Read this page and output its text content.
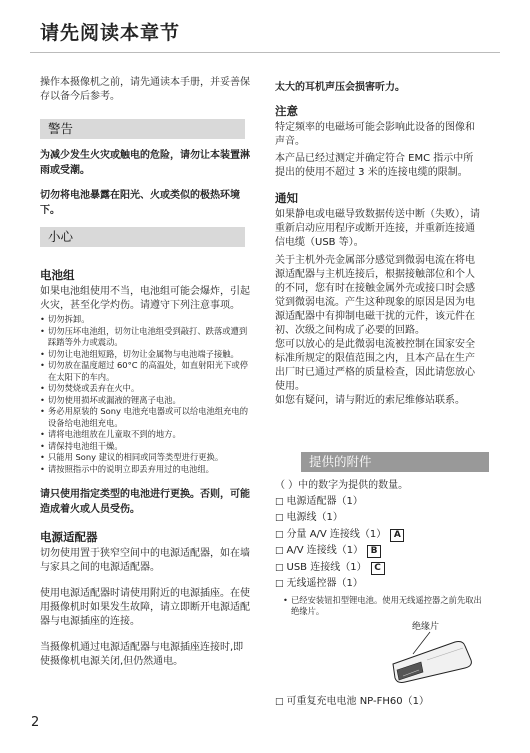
请先阅读本章节

操作本摄像机之前，请先通读本手册，并妥善保存以备今后参考。

警告

为减少发生火灾或触电的危险，请勿让本装置淋雨或受潮。

切勿将电池暴露在阳光、火或类似的极热环境下。

小心

电池组

如果电池组使用不当，电池组可能会爆炸，引起火灾，甚至化学灼伤。请遵守下列注意事项。

• 切勿拆卸。
• 切勿压坏电池组，切勿让电池组受到敲打、跌落或遭到踩踏等外力或震动。
• 切勿让电池组短路，切勿让金属物与电池端子接触。
• 切勿放在温度超过 60°C 的高温处，如直射阳光下或停在太阳下的车内。
• 切勿焚烧或丢弃在火中。
• 切勿使用损坏或漏液的锂离子电池。
• 务必用原装的 Sony 电池充电器或可以给电池组充电的设备给电池组充电。
• 请将电池组放在儿童取不到的地方。
• 请保持电池组干燥。
• 只能用 Sony 建议的相同或同等类型进行更换。
• 请按照指示中的说明立即丢弃用过的电池组。

请只使用指定类型的电池进行更换。否则，可能造成着火或人员受伤。

电源适配器

切勿使用置于狭窄空间中的电源适配器，如在墙与家具之间的电源适配器。

使用电源适配器时请使用附近的电源插座。在使用摄像机时如果发生故障，请立即断开电源适配器与电源插座的连接。

当摄像机通过电源适配器与电源插座连接时,即使摄像机电源关闭,但仍然通电。

太大的耳机声压会损害听力。

注意

特定频率的电磁场可能会影响此设备的图像和声音。

本产品已经过测定并确定符合 EMC 指示中所提出的使用不超过 3 米的连接电缆的限制。

通知

如果静电或电磁导致数据传送中断（失败），请重新启动应用程序或断开连接，并重新连接通信电缆（USB 等）。

关于主机外壳金属部分感觉到微弱电流在将电源适配器与主机连接后，根据接触部位和个人的不同，您有时在接触金属外壳或接口时会感觉到微弱电流。产生这种现象的原因是因为电源适配器中有抑制电磁干扰的元件，该元件在初、次级之间构成了必要的回路。

您可以放心的是此微弱电流被控制在国家安全标准所规定的限值范围之内，且本产品在生产出厂时已通过严格的质量检查，因此请您放心使用。

如您有疑问，请与附近的索尼维修站联系。

提供的附件

（ ）中的数字为提供的数量。

□ 电源适配器（1）

□ 电源线（1）

□ 分量 A/V 连接线（1） A

□ A/V 连接线（1） B

□ USB 连接线（1） C

□ 无线遥控器（1）

• 已经安装钮扣型锂电池。使用无线遥控器之前先取出绝缘片。
绝缘片

□ 可重复充电电池 NP-FH60（1）

2
